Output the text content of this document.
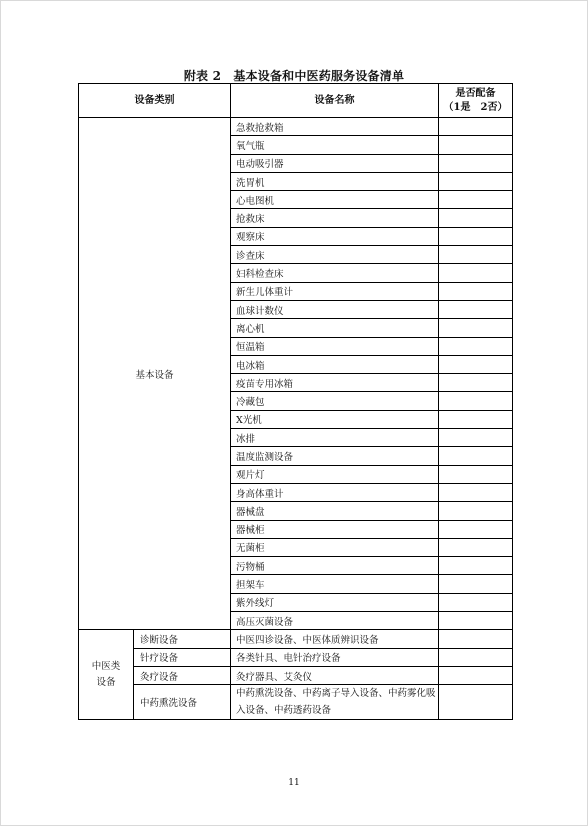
附表 2　基本设备和中医药服务设备清单
设备类别		设备名称	是否配备
（1是　2否）

基本设备		急救抢救箱	
		氧气瓶	
		电动吸引器	
		洗胃机	
		心电图机	
		抢救床	
		观察床	
		诊查床	
		妇科检查床	
		新生儿体重计	
		血球计数仪	
		离心机	
		恒温箱	
		电冰箱	
		疫苗专用冰箱	
		冷藏包	
		X光机	
		冰排	
		温度监测设备	
		观片灯	
		身高体重计	
		器械盘	
		器械柜	
		无菌柜	
		污物桶	
		担架车	
		紫外线灯	
		高压灭菌设备	

中医类设备	诊断设备	中医四诊设备、中医体质辨识设备	
	针疗设备	各类针具、电针治疗设备	
	灸疗设备	灸疗器具、艾灸仪	
	中药熏洗设备	中药熏洗设备、中药离子导入设备、中药雾化吸入设备、中药透药设备	
11
